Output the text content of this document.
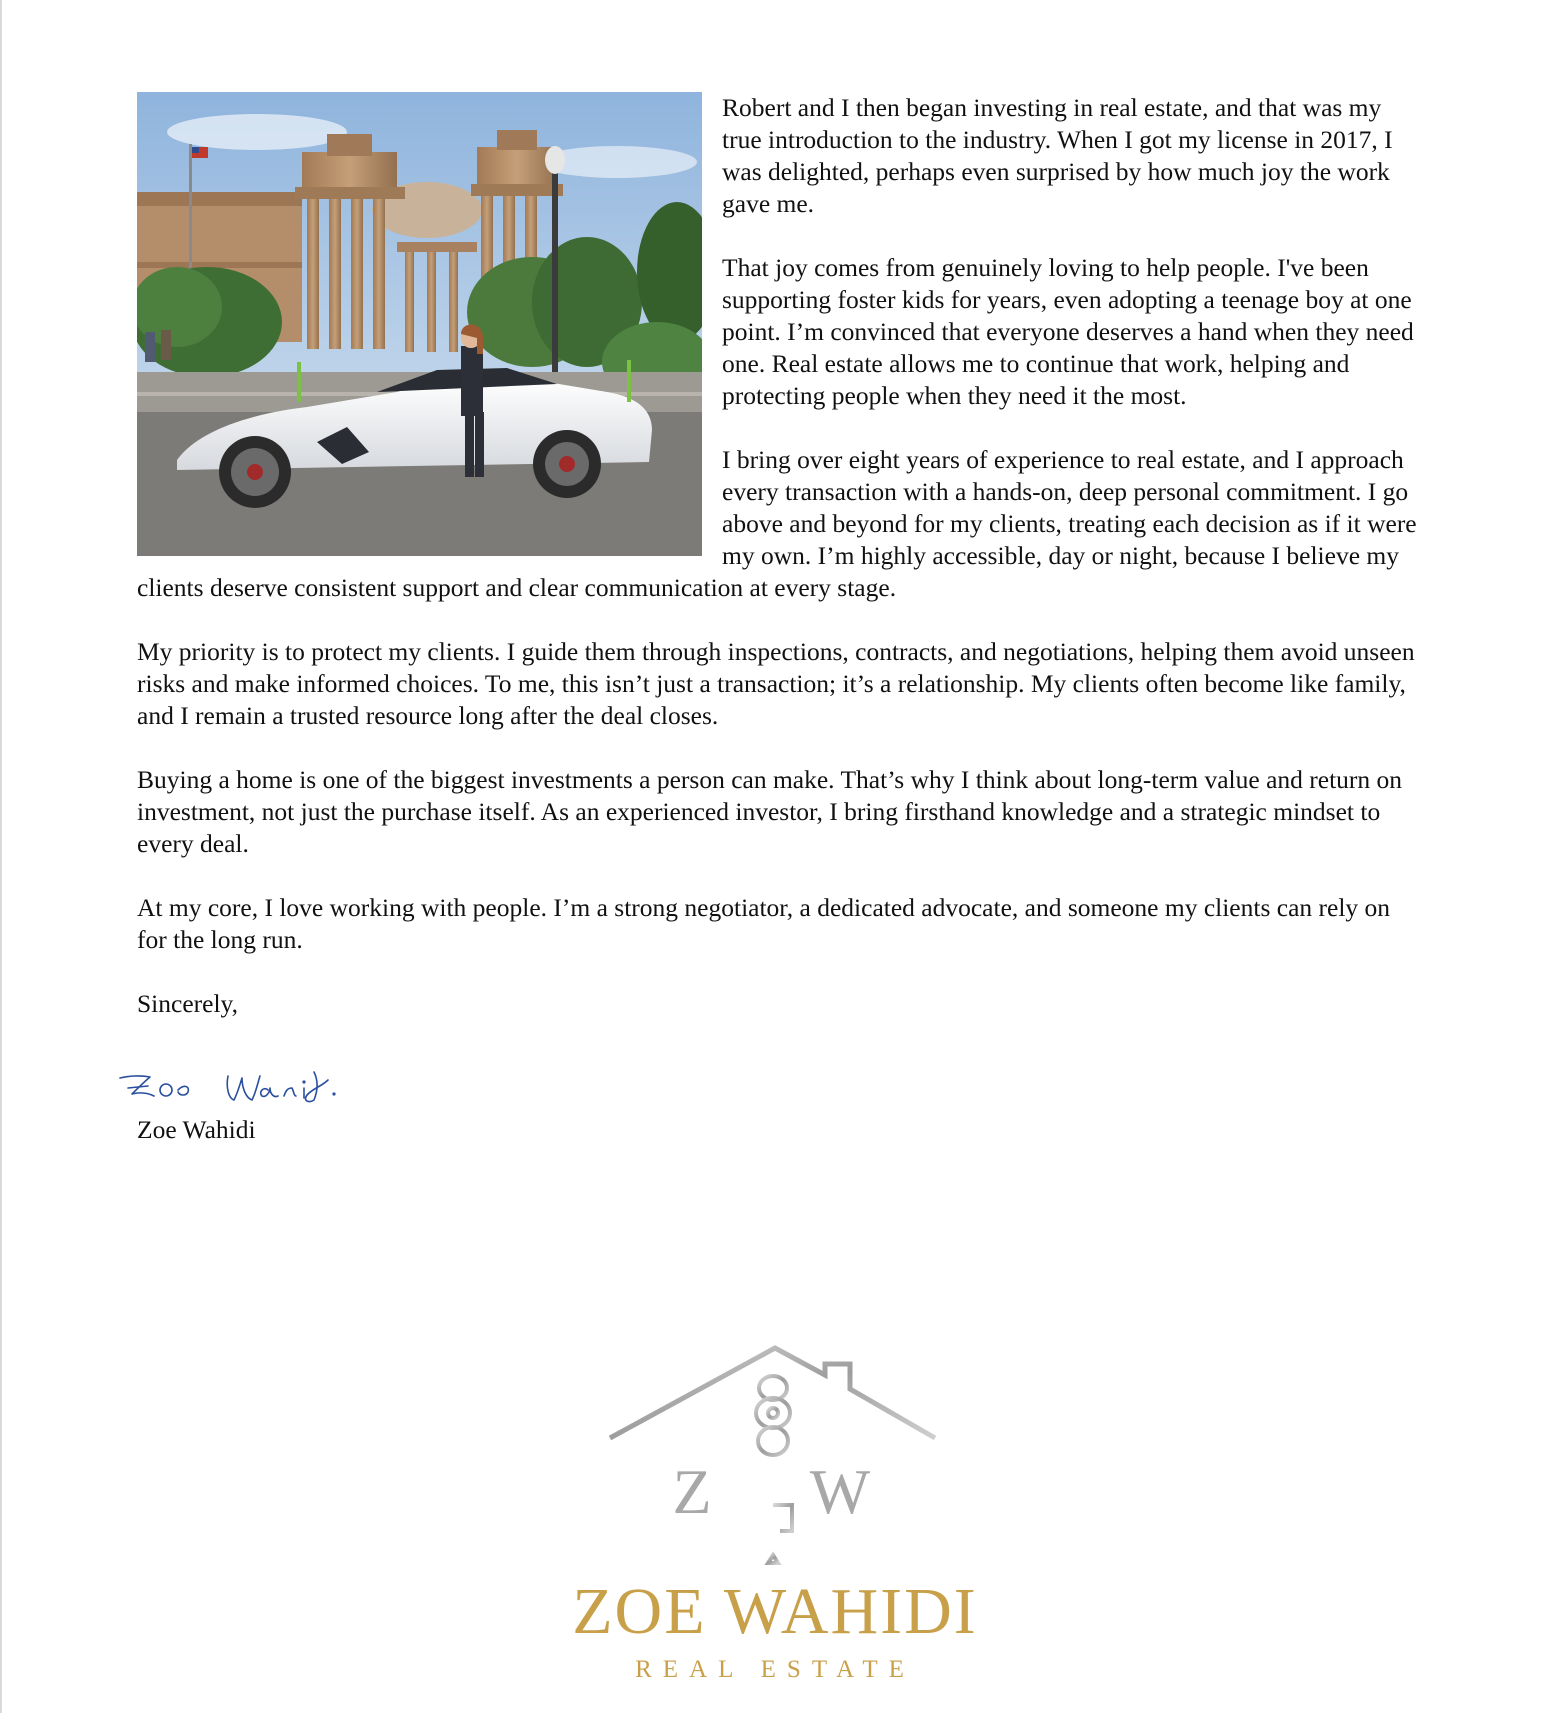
Robert and I then began investing in real estate, and that was my true introduction to the industry. When I got my license in 2017, I was delighted, perhaps even surprised by how much joy the work gave me.

That joy comes from genuinely loving to help people. I've been supporting foster kids for years, even adopting a teenage boy at one point. I’m convinced that everyone deserves a hand when they need one. Real estate allows me to continue that work, helping and protecting people when they need it the most.

I bring over eight years of experience to real estate, and I approach every transaction with a hands-on, deep personal commitment. I go above and beyond for my clients, treating each decision as if it were my own. I’m highly accessible, day or night, because I believe my clients deserve consistent support and clear communication at every stage.

My priority is to protect my clients. I guide them through inspections, contracts, and negotiations, helping them avoid unseen risks and make informed choices. To me, this isn’t just a transaction; it’s a relationship. My clients often become like family, and I remain a trusted resource long after the deal closes.

Buying a home is one of the biggest investments a person can make. That’s why I think about long-term value and return on investment, not just the purchase itself. As an experienced investor, I bring firsthand knowledge and a strategic mindset to every deal.

At my core, I love working with people. I’m a strong negotiator, a dedicated advocate, and someone my clients can rely on for the long run.

Sincerely,

Zoe Wahidi
Z W
ZOE WAHIDI
REAL ESTATE
